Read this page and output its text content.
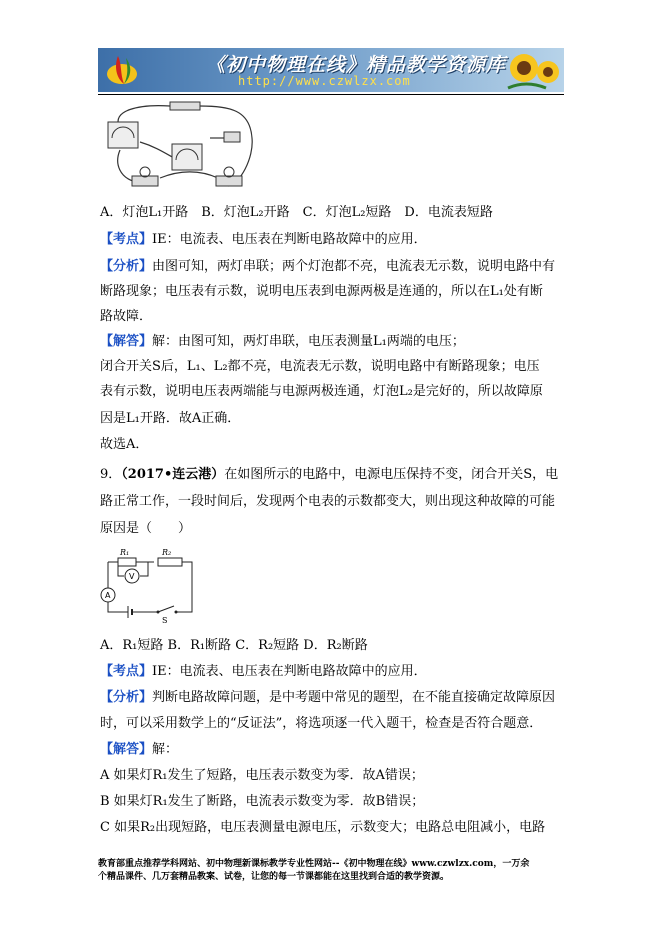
《初中物理在线》精品教学资源库
http://www.czwlzx.com
A．灯泡L₁开路　B．灯泡L₂开路　C．灯泡L₂短路　D．电流表短路
【考点】IE：电流表、电压表在判断电路故障中的应用．
【分析】由图可知，两灯串联；两个灯泡都不亮，电流表无示数，说明电路中有
断路现象；电压表有示数，说明电压表到电源两极是连通的，所以在L₁处有断
路故障．
【解答】解：由图可知，两灯串联，电压表测量L₁两端的电压；
闭合开关S后，L₁、L₂都不亮，电流表无示数，说明电路中有断路现象；电压
表有示数，说明电压表两端能与电源两极连通，灯泡L₂是完好的，所以故障原
因是L₁开路．故A正确．
故选A．
9．（2017•连云港）在如图所示的电路中，电源电压保持不变，闭合开关S，电
路正常工作，一段时间后，发现两个电表的示数都变大，则出现这种故障的可能
原因是（　　）
R₁	R₂
V
A
S
A．R₁短路 B．R₁断路 C．R₂短路 D．R₂断路
【考点】IE：电流表、电压表在判断电路故障中的应用．
【分析】判断电路故障问题，是中考题中常见的题型，在不能直接确定故障原因
时，可以采用数学上的“反证法”，将选项逐一代入题干，检查是否符合题意．
【解答】解：
A 如果灯R₁发生了短路，电压表示数变为零．故A错误；
B 如果灯R₁发生了断路，电流表示数变为零．故B错误；
C 如果R₂出现短路，电压表测量电源电压，示数变大；电路总电阻减小，电路
教育部重点推荐学科网站、初中物理新课标教学专业性网站--《初中物理在线》www.czwlzx.com，一万余
个精品课件、几万套精品教案、试卷，让您的每一节课都能在这里找到合适的教学资源。
